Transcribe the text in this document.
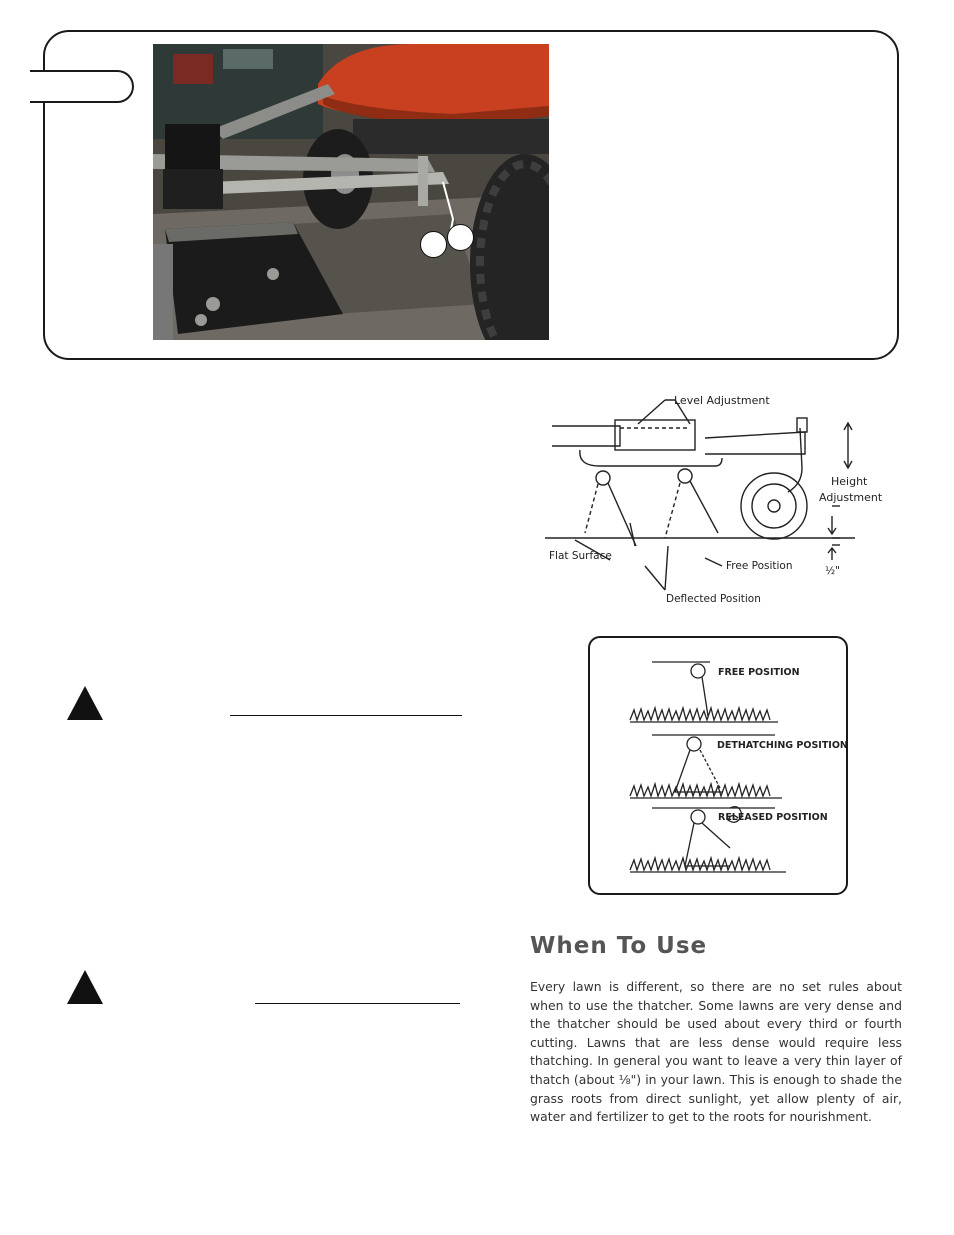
Level Adjustment
Height
Adjustment
Flat Surface
Free Position	½"
Deflected Position
FREE POSITION
DETHATCHING POSITION
RELEASED POSITION
When To Use

Every lawn is different, so there are no set rules about when to use the thatcher. Some lawns are very dense and the thatcher should be used about every third or fourth cutting. Lawns that are less dense would require less thatching. In general you want to leave a very thin layer of thatch (about ⅛") in your lawn. This is enough to shade the grass roots from direct sunlight, yet allow plenty of air, water and fertilizer to get to the roots for nourishment.
